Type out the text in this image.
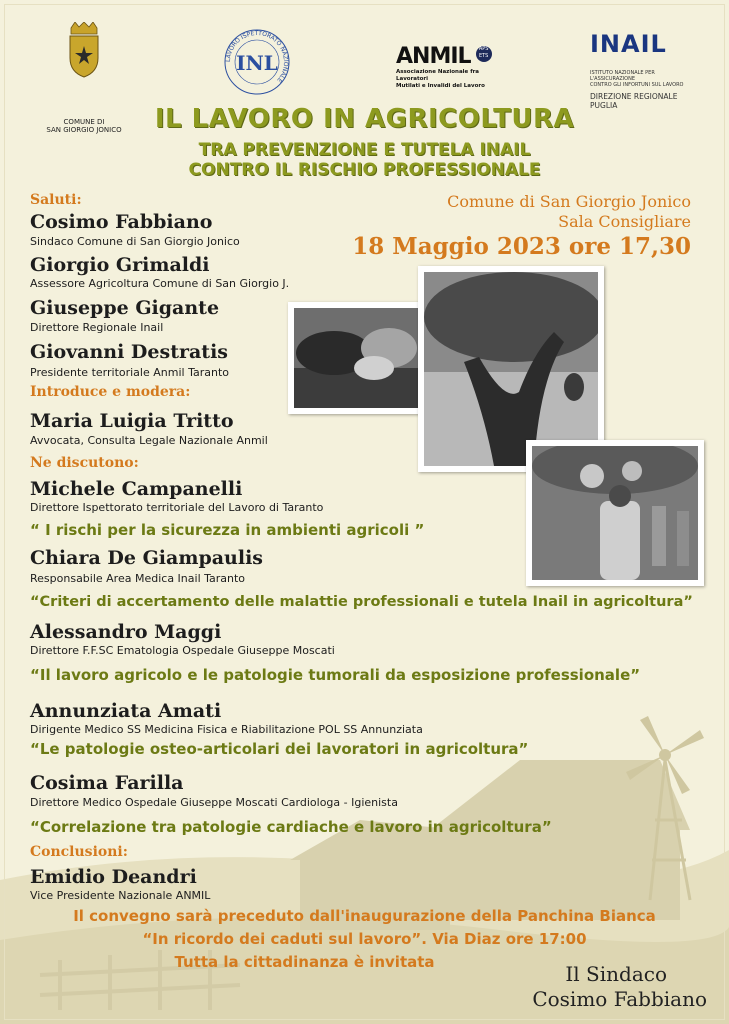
COMUNE DI
SAN GIORGIO JONICO
LAVORO ISPETTORATO NAZIONALE
INL	ANMIL APS ETS
Associazione Nazionale fra Lavoratori
Mutilati e Invalidi del Lavoro
INAIL
ISTITUTO NAZIONALE PER L'ASSICURAZIONE
CONTRO GLI INFORTUNI SUL LAVORO
DIREZIONE REGIONALE
PUGLIA
IL LAVORO IN AGRICOLTURA
TRA PREVENZIONE E TUTELA INAIL
CONTRO IL RISCHIO PROFESSIONALE
Comune di San Giorgio Jonico
Sala Consigliare
18 Maggio 2023 ore 17,30
Saluti:
Cosimo Fabbiano
Sindaco Comune di San Giorgio Jonico
Giorgio Grimaldi
Assessore Agricoltura Comune di San Giorgio J.
Giuseppe Gigante
Direttore Regionale Inail
Giovanni Destratis
Presidente territoriale Anmil Taranto
Introduce e modera:
Maria Luigia Tritto
Avvocata, Consulta Legale Nazionale Anmil
Ne discutono:
Michele Campanelli
Direttore Ispettorato territoriale del Lavoro di Taranto
“ I rischi per la sicurezza in ambienti agricoli ”
Chiara De Giampaulis
Responsabile Area Medica Inail Taranto
“Criteri di accertamento delle malattie professionali e tutela Inail in agricoltura”
Alessandro Maggi
Direttore F.F.SC Ematologia Ospedale Giuseppe Moscati
“Il lavoro agricolo e le patologie tumorali da esposizione professionale”
Annunziata Amati
Dirigente Medico SS Medicina Fisica e Riabilitazione POL SS Annunziata
“Le patologie osteo-articolari dei lavoratori in agricoltura”
Cosima Farilla
Direttore Medico Ospedale Giuseppe Moscati Cardiologa - Igienista
“Correlazione tra patologie cardiache e lavoro in agricoltura”
Conclusioni:
Emidio Deandri
Vice Presidente Nazionale ANMIL
Il convegno sarà preceduto dall'inaugurazione della Panchina Bianca
“In ricordo dei caduti sul lavoro”. Via Diaz ore 17:00
Tutta la cittadinanza è invitata	Il Sindaco
Cosimo Fabbiano
